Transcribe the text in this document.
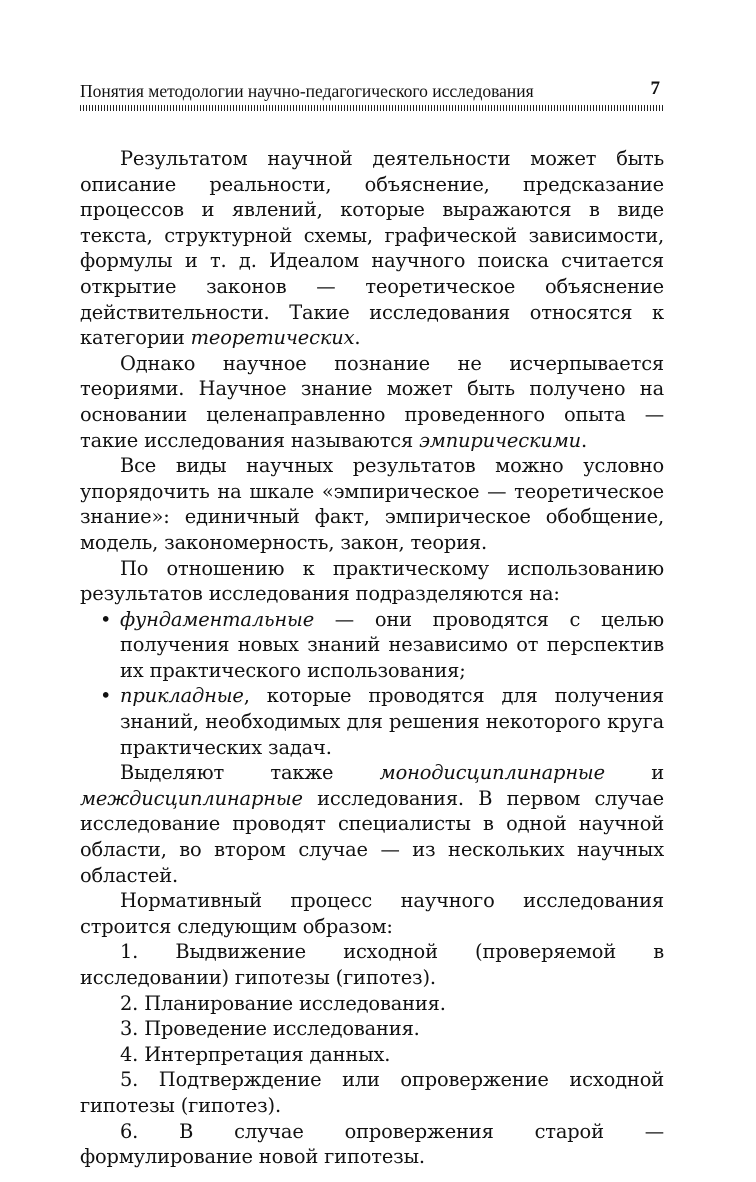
Понятия методологии научно-педагогического исследования	7

Результатом научной деятельности может быть описание реальности, объяснение, предсказание процессов и явлений, которые выражаются в виде текста, структурной схемы, графической зависимости, формулы и т. д. Идеалом научного поиска считается открытие законов — теоретическое объяснение действительности. Такие исследования относятся к категории теоретических.

Однако научное познание не исчерпывается теориями. Научное знание может быть получено на основании целенаправленно проведенного опыта — такие исследования называются эмпирическими.

Все виды научных результатов можно условно упорядочить на шкале «эмпирическое — теоретическое знание»: единичный факт, эмпирическое обобщение, модель, закономерность, закон, теория.

По отношению к практическому использованию результатов исследования подразделяются на:

• фундаментальные — они проводятся с целью получения новых знаний независимо от перспектив их практического использования;
• прикладные, которые проводятся для получения знаний, необходимых для решения некоторого круга практических задач.

Выделяют также монодисциплинарные и междисциплинарные исследования. В первом случае исследование проводят специалисты в одной научной области, во втором случае — из нескольких научных областей.

Нормативный процесс научного исследования строится следующим образом:

1. Выдвижение исходной (проверяемой в исследовании) гипотезы (гипотез).

2. Планирование исследования.

3. Проведение исследования.

4. Интерпретация данных.

5. Подтверждение или опровержение исходной гипотезы (гипотез).

6. В случае опровержения старой — формулирование новой гипотезы.
